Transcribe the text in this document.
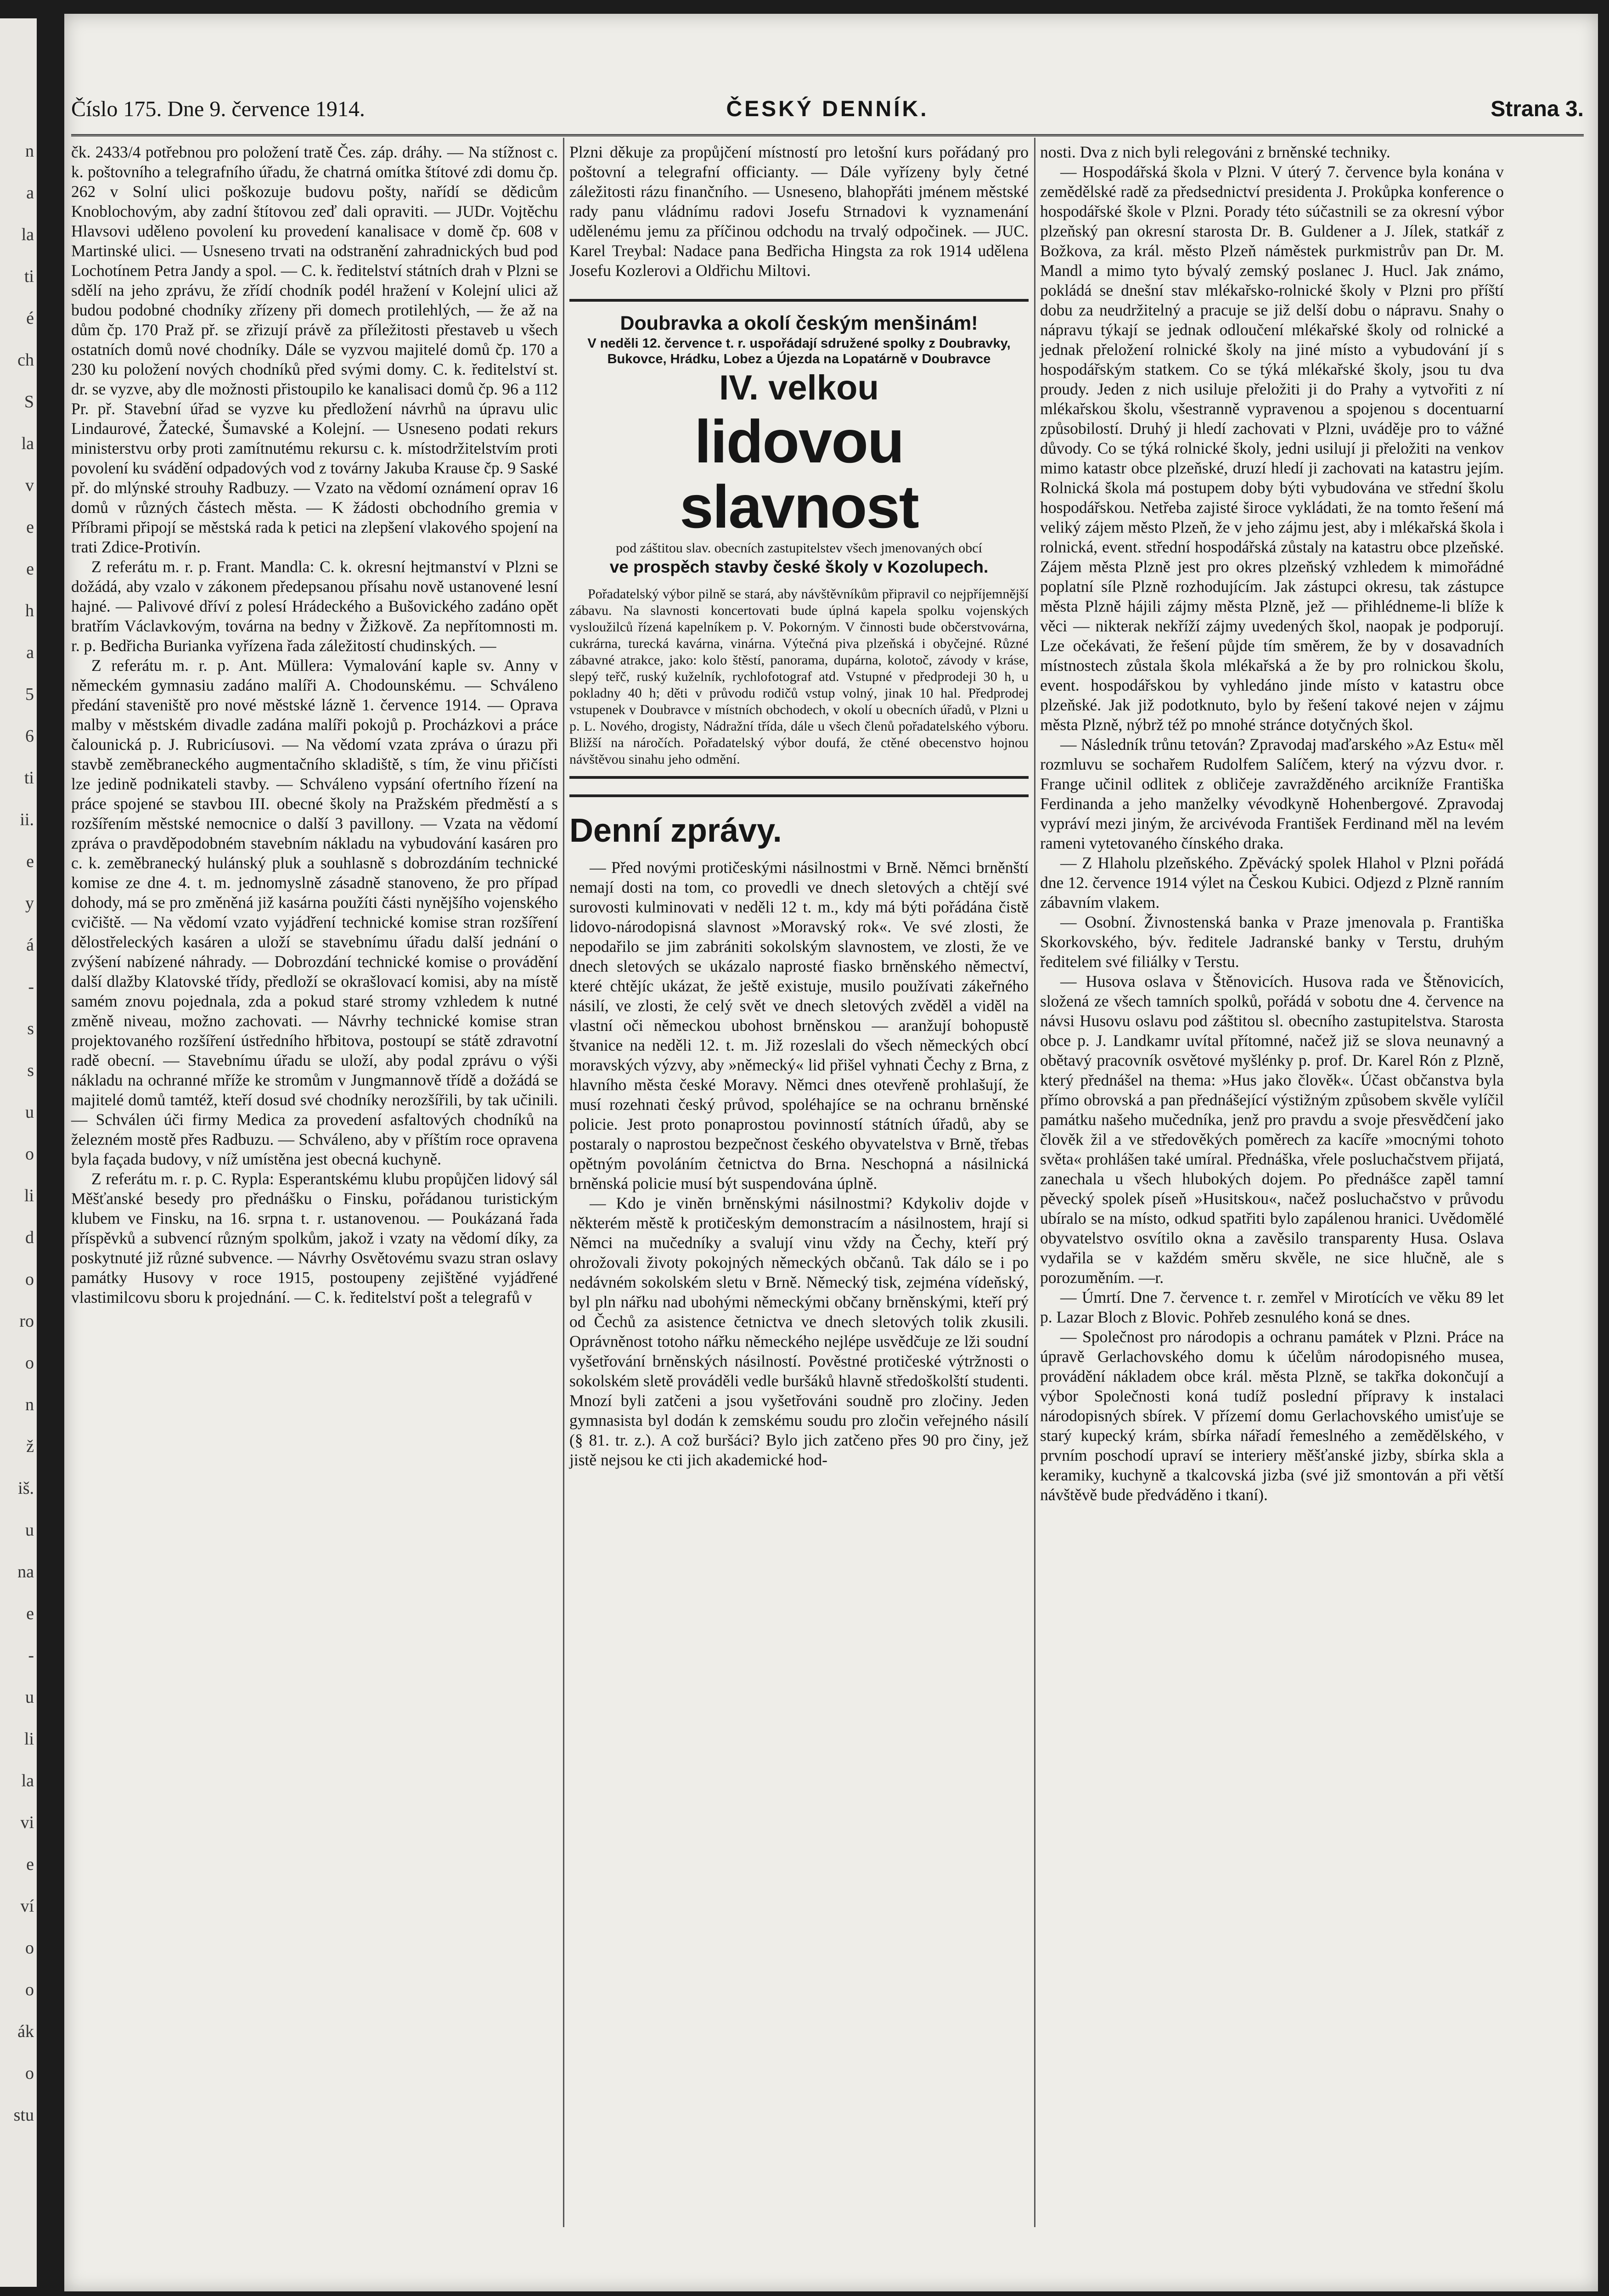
n
a
la
ti
é
ch
S
la
v
e
e
h
a
5
6
ti
ii.
e
y
á
-
s
s
u
o
li
d
o
ro
o
n
ž
iš.
u
na
e
-
u
li
la
vi
e
ví
o
o
ák
o
stu
Číslo 175. Dne 9. července 1914.	ČESKÝ DENNÍK.	Strana 3.

čk. 2433/4 potřebnou pro položení tratě Čes. záp. dráhy. — Na stížnost c. k. poštovního a telegrafního úřadu, že chatrná omítka štítové zdi domu čp. 262 v Solní ulici poškozuje budovu pošty, nařídí se dědicům Knoblochovým, aby zadní štítovou zeď dali opraviti. — JUDr. Vojtěchu Hlavsovi uděleno povolení ku provedení kanalisace v domě čp. 608 v Martinské ulici. — Usneseno trvati na odstranění zahradnických bud pod Lochotínem Petra Jandy a spol. — C. k. ředitelství státních drah v Plzni se sdělí na jeho zprávu, že zřídí chodník podél hražení v Kolejní ulici až budou podobné chodníky zřízeny při domech protilehlých, — že až na dům čp. 170 Praž př. se zřizují právě za příležitosti přestaveb u všech ostatních domů nové chodníky. Dále se vyzvou majitelé domů čp. 170 a 230 ku položení nových chodníků před svými domy. C. k. ředitelství st. dr. se vyzve, aby dle možnosti přistoupilo ke kanalisaci domů čp. 96 a 112 Pr. př. Stavební úřad se vyzve ku předložení návrhů na úpravu ulic Lindaurové, Žatecké, Šumavské a Kolejní. — Usneseno podati rekurs ministerstvu orby proti zamítnutému rekursu c. k. místodržitelstvím proti povolení ku svádění odpadových vod z továrny Jakuba Krause čp. 9 Saské př. do mlýnské strouhy Radbuzy. — Vzato na vědomí oznámení oprav 16 domů v různých částech města. — K žádosti obchodního gremia v Příbrami připojí se městská rada k petici na zlepšení vlakového spojení na trati Zdice-Protivín.

Z referátu m. r. p. Frant. Mandla: C. k. okresní hejtmanství v Plzni se dožádá, aby vzalo v zákonem předepsanou přísahu nově ustanovené lesní hajné. — Palivové dříví z polesí Hrádeckého a Bušovického zadáno opět bratřím Václavkovým, továrna na bedny v Žižkově. Za nepřítomnosti m. r. p. Bedřicha Burianka vyřízena řada záležitostí chudinských. —

Z referátu m. r. p. Ant. Müllera: Vymalování kaple sv. Anny v německém gymnasiu zadáno malíři A. Chodounskému. — Schváleno předání staveniště pro nové městské lázně 1. července 1914. — Oprava malby v městském divadle zadána malíři pokojů p. Procházkovi a práce čalounická p. J. Rubricíusovi. — Na vědomí vzata zpráva o úrazu při stavbě zeměbraneckého augmentačního skladiště, s tím, že vinu přičísti lze jedině podnikateli stavby. — Schváleno vypsání ofertního řízení na práce spojené se stavbou III. obecné školy na Pražském předměstí a s rozšířením městské nemocnice o další 3 pavillony. — Vzata na vědomí zpráva o pravděpodobném stavebním nákladu na vybudování kasáren pro c. k. zeměbranecký hulánský pluk a souhlasně s dobrozdáním technické komise ze dne 4. t. m. jednomyslně zásadně stanoveno, že pro případ dohody, má se pro změněná již kasárna použíti části nynějšího vojenského cvičiště. — Na vědomí vzato vyjádření technické komise stran rozšíření dělostřeleckých kasáren a uloží se stavebnímu úřadu další jednání o zvýšení nabízené náhrady. — Dobrozdání technické komise o provádění další dlažby Klatovské třídy, předloží se okrašlovací komisi, aby na místě samém znovu pojednala, zda a pokud staré stromy vzhledem k nutné změně niveau, možno zachovati. — Návrhy technické komise stran projektovaného rozšíření ústředního hřbitova, postoupí se státě zdravotní radě obecní. — Stavebnímu úřadu se uloží, aby podal zprávu o výši nákladu na ochranné mříže ke stromům v Jungmannově třídě a dožádá se majitelé domů tamtéž, kteří dosud své chodníky nerozšířili, by tak učinili. — Schválen úči firmy Medica za provedení asfaltových chodníků na železném mostě přes Radbuzu. — Schváleno, aby v příštím roce opravena byla façada budovy, v níž umístěna jest obecná kuchyně.

Z referátu m. r. p. C. Rypla: Esperantskému klubu propůjčen lidový sál Měšťanské besedy pro přednášku o Finsku, pořádanou turistickým klubem ve Finsku, na 16. srpna t. r. ustanovenou. — Poukázaná řada příspěvků a subvencí různým spolkům, jakož i vzaty na vědomí díky, za poskytnuté již různé subvence. — Návrhy Osvětovému svazu stran oslavy památky Husovy v roce 1915, postoupeny zejištěné vyjádřené vlastimilcovu sboru k projednání. — C. k. ředitelství pošt a telegrafů v

Plzni děkuje za propůjčení místností pro letošní kurs pořádaný pro poštovní a telegrafní officianty. — Dále vyřízeny byly četné záležitosti rázu finančního. — Usneseno, blahopřáti jménem městské rady panu vládnímu radovi Josefu Strnadovi k vyznamenání udělenému jemu za příčinou odchodu na trvalý odpočinek. — JUC. Karel Treybal: Nadace pana Bedřicha Hingsta za rok 1914 udělena Josefu Kozlerovi a Oldřichu Miltovi.

Doubravka a okolí českým menšinám!
V neděli 12. července t. r. uspořádají sdružené spolky z Doubravky, Bukovce, Hrádku, Lobez a Újezda na Lopatárně v Doubravce
IV. velkou
lidovou slavnost
pod záštitou slav. obecních zastupitelstev všech jmenovaných obcí
ve prospěch stavby české školy v Kozolupech.
Pořadatelský výbor pilně se stará, aby návštěvníkům připravil co nejpříjemnější zábavu. Na slavnosti koncertovati bude úplná kapela spolku vojenských vysloužilců řízená kapelníkem p. V. Pokorným. V činnosti bude občerstvovárna, cukrárna, turecká kavárna, vinárna. Výtečná piva plzeňská i obyčejné. Různé zábavné atrakce, jako: kolo štěstí, panorama, dupárna, kolotoč, závody v kráse, slepý teřč, ruský kuželník, rychlofotograf atd. Vstupné v předprodeji 30 h, u pokladny 40 h; děti v průvodu rodičů vstup volný, jinak 10 hal. Předprodej vstupenek v Doubravce v místních obchodech, v okolí u obecních úřadů, v Plzni u p. L. Nového, drogisty, Nádražní třída, dále u všech členů pořadatelského výboru. Bližší na náročích. Pořadatelský výbor doufá, že ctěné obecenstvo hojnou návštěvou sinahu jeho odmění.
Denní zprávy.

— Před novými protičeskými násilnostmi v Brně. Němci brněnští nemají dosti na tom, co provedli ve dnech sletových a chtějí své surovosti kulminovati v neděli 12 t. m., kdy má býti pořádána čistě lidovo-národopisná slavnost »Moravský rok«. Ve své zlosti, že nepodařilo se jim zabrániti sokolským slavnostem, ve zlosti, že ve dnech sletových se ukázalo naprosté fiasko brněnského němectví, které chtějíc ukázat, že ještě existuje, musilo používati zákeřného násilí, ve zlosti, že celý svět ve dnech sletových zvěděl a viděl na vlastní oči německou ubohost brněnskou — aranžují bohopustě štvanice na neděli 12. t. m. Již rozeslali do všech německých obcí moravských výzvy, aby »německý« lid přišel vyhnati Čechy z Brna, z hlavního města české Moravy. Němci dnes otevřeně prohlašují, že musí rozehnati český průvod, spoléhajíce se na ochranu brněnské policie. Jest proto ponaprostou povinností státních úřadů, aby se postaraly o naprostou bezpečnost českého obyvatelstva v Brně, třebas opětným povoláním četnictva do Brna. Neschopná a násilnická brněnská policie musí být suspendována úplně.

— Kdo je viněn brněnskými násilnostmi? Kdykoliv dojde v některém městě k protičeským demonstracím a násilnostem, hrají si Němci na mučedníky a svalují vinu vždy na Čechy, kteří prý ohrožovali životy pokojných německých občanů. Tak dálo se i po nedávném sokolském sletu v Brně. Německý tisk, zejména vídeňský, byl pln nářku nad ubohými německými občany brněnskými, kteří prý od Čechů za asistence četnictva ve dnech sletových tolik zkusili. Oprávněnost totoho nářku německého nejlépe usvědčuje ze lži soudní vyšetřování brněnských násilností. Pověstné protičeské výtržnosti o sokolském sletě prováděli vedle buršáků hlavně středoškolští studenti. Mnozí byli zatčeni a jsou vyšetřováni soudně pro zločiny. Jeden gymnasista byl dodán k zemskému soudu pro zločin veřejného násilí (§ 81. tr. z.). A což buršáci? Bylo jich zatčeno přes 90 pro činy, jež jistě nejsou ke cti jich akademické hod-

nosti. Dva z nich byli relegováni z brněnské techniky.

— Hospodářská škola v Plzni. V úterý 7. července byla konána v zemědělské radě za předsednictví presidenta J. Prokůpka konference o hospodářské škole v Plzni. Porady této súčastnili se za okresní výbor plzeňský pan okresní starosta Dr. B. Guldener a J. Jílek, statkář z Božkova, za král. město Plzeň náměstek purkmistrův pan Dr. M. Mandl a mimo tyto bývalý zemský poslanec J. Hucl. Jak známo, pokládá se dnešní stav mlékařsko-rolnické školy v Plzni pro příští dobu za neudržitelný a pracuje se již delší dobu o nápravu. Snahy o nápravu týkají se jednak odloučení mlékařské školy od rolnické a jednak přeložení rolnické školy na jiné místo a vybudování jí s hospodářským statkem. Co se týká mlékařské školy, jsou tu dva proudy. Jeden z nich usiluje přeložiti ji do Prahy a vytvořiti z ní mlékařskou školu, všestranně vypravenou a spojenou s docentuarní způsobilostí. Druhý ji hledí zachovati v Plzni, uváděje pro to vážné důvody. Co se týká rolnické školy, jedni usilují ji přeložiti na venkov mimo katastr obce plzeňské, druzí hledí ji zachovati na katastru jejím. Rolnická škola má postupem doby býti vybudována ve střední školu hospodářskou. Netřeba zajisté široce vykládati, že na tomto řešení má veliký zájem město Plzeň, že v jeho zájmu jest, aby i mlékařská škola i rolnická, event. střední hospodářská zůstaly na katastru obce plzeňské. Zájem města Plzně jest pro okres plzeňský vzhledem k mimořádné poplatní síle Plzně rozhodujícím. Jak zástupci okresu, tak zástupce města Plzně hájili zájmy města Plzně, jež — přihlédneme-li blíže k věci — nikterak nekříží zájmy uvedených škol, naopak je podporují. Lze očekávati, že řešení půjde tím směrem, že by v dosavadních místnostech zůstala škola mlékařská a že by pro rolnickou školu, event. hospodářskou by vyhledáno jinde místo v katastru obce plzeňské. Jak již podotknuto, bylo by řešení takové nejen v zájmu města Plzně, nýbrž též po mnohé stránce dotyčných škol.

— Následník trůnu tetován? Zpravodaj maďarského »Az Estu« měl rozmluvu se sochařem Rudolfem Salíčem, který na výzvu dvor. r. Frange učinil odlitek z obličeje zavražděného arcikníže Františka Ferdinanda a jeho manželky vévodkyně Hohenbergové. Zpravodaj vypráví mezi jiným, že arcivévoda František Ferdinand měl na levém rameni vytetovaného čínského draka.

— Z Hlaholu plzeňského. Zpěvácký spolek Hlahol v Plzni pořádá dne 12. července 1914 výlet na Českou Kubici. Odjezd z Plzně ranním zábavním vlakem.

— Osobní. Živnostenská banka v Praze jmenovala p. Františka Skorkovského, býv. ředitele Jadranské banky v Terstu, druhým ředitelem své filiálky v Terstu.

— Husova oslava v Štěnovicích. Husova rada ve Štěnovicích, složená ze všech tamních spolků, pořádá v sobotu dne 4. července na návsi Husovu oslavu pod záštitou sl. obecního zastupitelstva. Starosta obce p. J. Landkamr uvítal přítomné, načež již se slova neunavný a obětavý pracovník osvětové myšlénky p. prof. Dr. Karel Rón z Plzně, který přednášel na thema: »Hus jako člověk«. Účast občanstva byla přímo obrovská a pan přednášející výstižným způsobem skvěle vylíčil památku našeho mučedníka, jenž pro pravdu a svoje přesvědčení jako člověk žil a ve středověkých poměrech za kacíře »mocnými tohoto světa« prohlášen také umíral. Přednáška, vřele posluchačstvem přijatá, zanechala u všech hlubokých dojem. Po přednášce zapěl tamní pěvecký spolek píseň »Husitskou«, načež posluchačstvo v průvodu ubíralo se na místo, odkud spatřiti bylo zapálenou hranici. Uvědomělé obyvatelstvo osvítilo okna a zavěsilo transparenty Husa. Oslava vydařila se v každém směru skvěle, ne sice hlučně, ale s porozuměním. —r.

— Úmrtí. Dne 7. července t. r. zemřel v Mirotících ve věku 89 let p. Lazar Bloch z Blovic. Pohřeb zesnulého koná se dnes.

— Společnost pro národopis a ochranu památek v Plzni. Práce na úpravě Gerlachovského domu k účelům národopisného musea, provádění nákladem obce král. města Plzně, se takřka dokončují a výbor Společnosti koná tudíž poslední přípravy k instalaci národopisných sbírek. V přízemí domu Gerlachovského umisťuje se starý kupecký krám, sbírka nářadí řemeslného a zemědělského, v prvním poschodí upraví se interiery měšťanské jizby, sbírka skla a keramiky, kuchyně a tkalcovská jizba (své již smontován a při větší návštěvě bude předváděno i tkaní).
